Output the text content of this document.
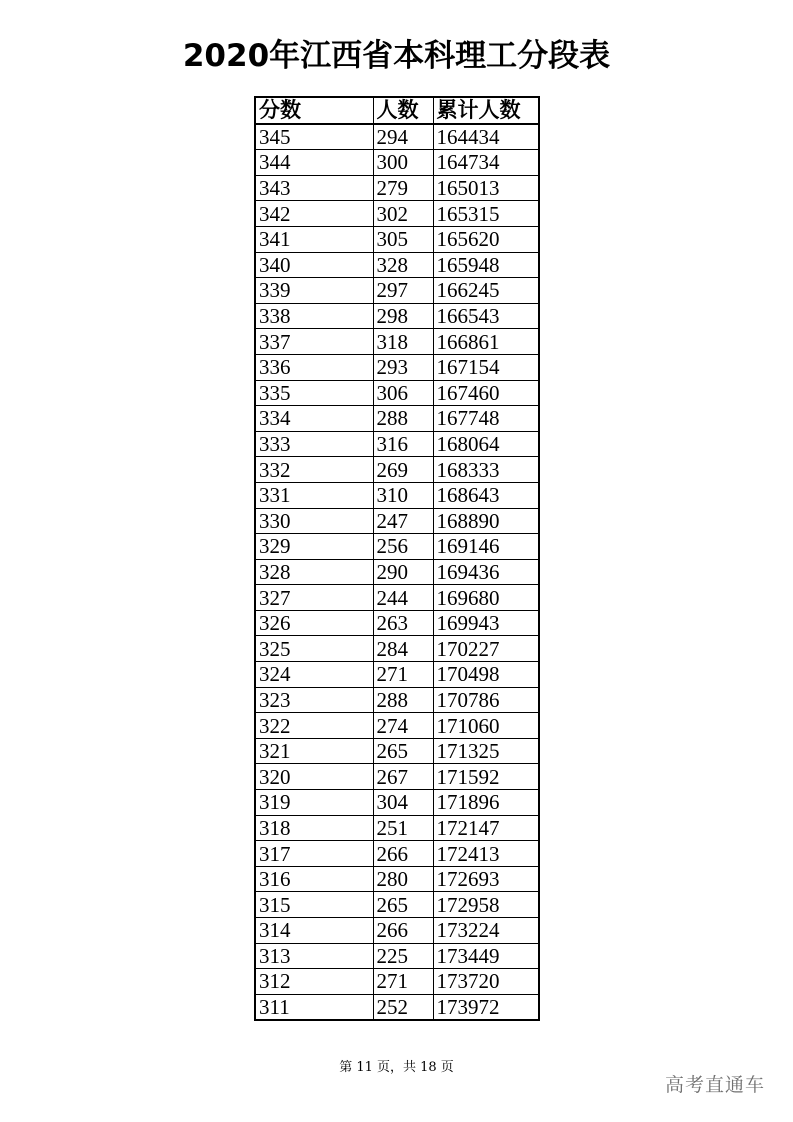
2020年江西省本科理工分段表
分数	人数	累计人数
345	294	164434
344	300	164734
343	279	165013
342	302	165315
341	305	165620
340	328	165948
339	297	166245
338	298	166543
337	318	166861
336	293	167154
335	306	167460
334	288	167748
333	316	168064
332	269	168333
331	310	168643
330	247	168890
329	256	169146
328	290	169436
327	244	169680
326	263	169943
325	284	170227
324	271	170498
323	288	170786
322	274	171060
321	265	171325
320	267	171592
319	304	171896
318	251	172147
317	266	172413
316	280	172693
315	265	172958
314	266	173224
313	225	173449
312	271	173720
311	252	173972
第 11 页，共 18 页
高考直通车
